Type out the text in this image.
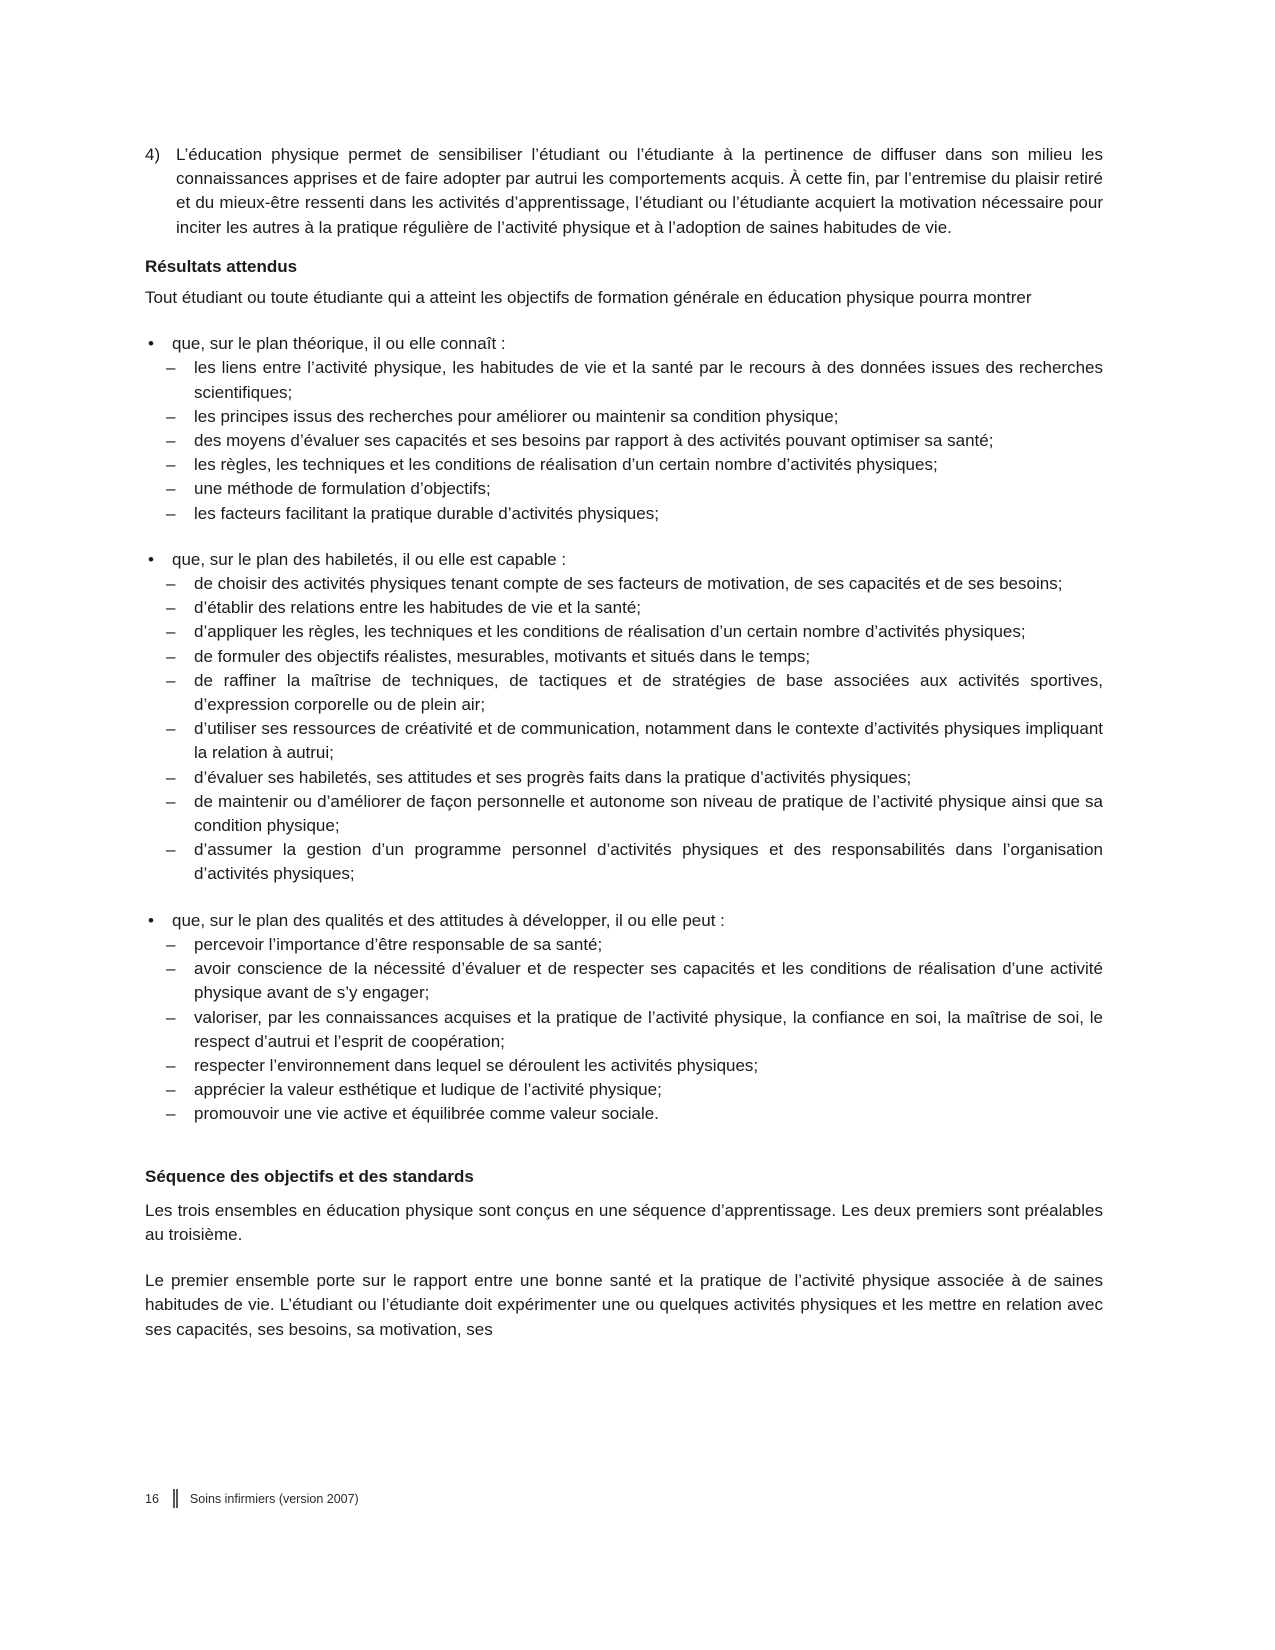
4) L’éducation physique permet de sensibiliser l’étudiant ou l’étudiante à la pertinence de diffuser dans son milieu les connaissances apprises et de faire adopter par autrui les comportements acquis. À cette fin, par l’entremise du plaisir retiré et du mieux-être ressenti dans les activités d’apprentissage, l’étudiant ou l’étudiante acquiert la motivation nécessaire pour inciter les autres à la pratique régulière de l’activité physique et à l’adoption de saines habitudes de vie.
Résultats attendus

Tout étudiant ou toute étudiante qui a atteint les objectifs de formation générale en éducation physique pourra montrer

•	que, sur le plan théorique, il ou elle connaît :
–	les liens entre l’activité physique, les habitudes de vie et la santé par le recours à des données issues des recherches scientifiques;
–	les principes issus des recherches pour améliorer ou maintenir sa condition physique;
–	des moyens d’évaluer ses capacités et ses besoins par rapport à des activités pouvant optimiser sa santé;
–	les règles, les techniques et les conditions de réalisation d’un certain nombre d’activités physiques;
–	une méthode de formulation d’objectifs;
–	les facteurs facilitant la pratique durable d’activités physiques;
•	que, sur le plan des habiletés, il ou elle est capable :
–	de choisir des activités physiques tenant compte de ses facteurs de motivation, de ses capacités et de ses besoins;
–	d’établir des relations entre les habitudes de vie et la santé;
–	d’appliquer les règles, les techniques et les conditions de réalisation d’un certain nombre d’activités physiques;
–	de formuler des objectifs réalistes, mesurables, motivants et situés dans le temps;
–	de raffiner la maîtrise de techniques, de tactiques et de stratégies de base associées aux activités sportives, d’expression corporelle ou de plein air;
–	d’utiliser ses ressources de créativité et de communication, notamment dans le contexte d’activités physiques impliquant la relation à autrui;
–	d’évaluer ses habiletés, ses attitudes et ses progrès faits dans la pratique d’activités physiques;
–	de maintenir ou d’améliorer de façon personnelle et autonome son niveau de pratique de l’activité physique ainsi que sa condition physique;
–	d’assumer la gestion d’un programme personnel d’activités physiques et des responsabilités dans l’organisation d’activités physiques;
•	que, sur le plan des qualités et des attitudes à développer, il ou elle peut :
–	percevoir l’importance d’être responsable de sa santé;
–	avoir conscience de la nécessité d’évaluer et de respecter ses capacités et les conditions de réalisation d’une activité physique avant de s’y engager;
–	valoriser, par les connaissances acquises et la pratique de l’activité physique, la confiance en soi, la maîtrise de soi, le respect d’autrui et l’esprit de coopération;
–	respecter l’environnement dans lequel se déroulent les activités physiques;
–	apprécier la valeur esthétique et ludique de l’activité physique;
–	promouvoir une vie active et équilibrée comme valeur sociale.
Séquence des objectifs et des standards

Les trois ensembles en éducation physique sont conçus en une séquence d’apprentissage. Les deux premiers sont préalables au troisième.

Le premier ensemble porte sur le rapport entre une bonne santé et la pratique de l’activité physique associée à de saines habitudes de vie. L’étudiant ou l’étudiante doit expérimenter une ou quelques activités physiques et les mettre en relation avec ses capacités, ses besoins, sa motivation, ses

16 Soins infirmiers (version 2007)
